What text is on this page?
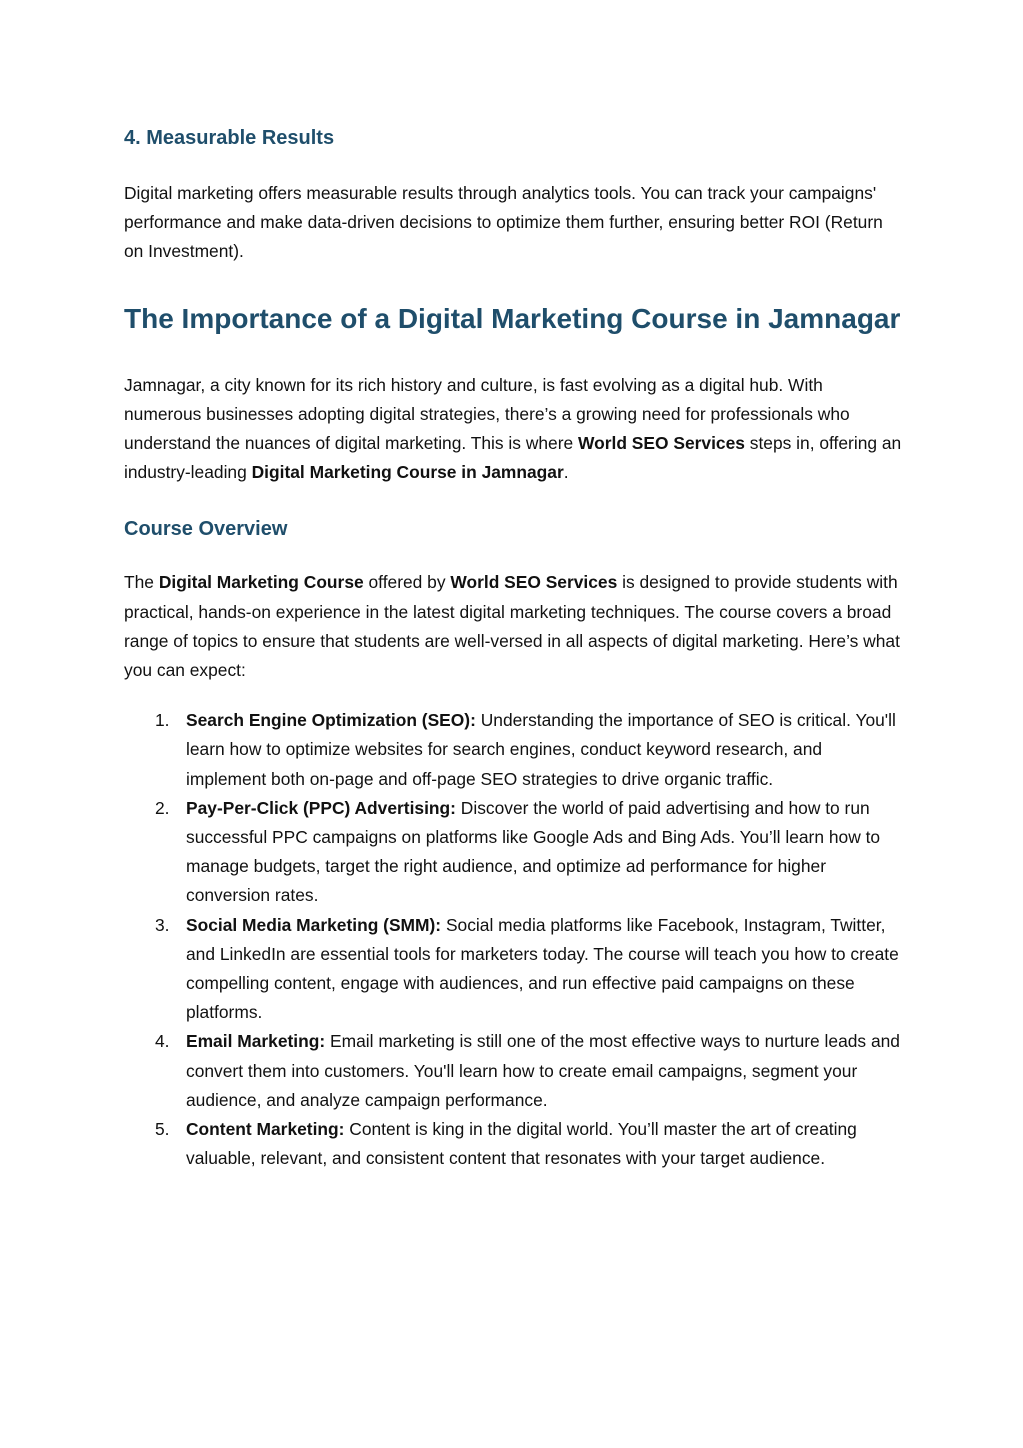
4. Measurable Results

Digital marketing offers measurable results through analytics tools. You can track your campaigns' performance and make data-driven decisions to optimize them further, ensuring better ROI (Return on Investment).

The Importance of a Digital Marketing Course in Jamnagar

Jamnagar, a city known for its rich history and culture, is fast evolving as a digital hub. With numerous businesses adopting digital strategies, there’s a growing need for professionals who understand the nuances of digital marketing. This is where World SEO Services steps in, offering an industry-leading Digital Marketing Course in Jamnagar.

Course Overview

The Digital Marketing Course offered by World SEO Services is designed to provide students with practical, hands-on experience in the latest digital marketing techniques. The course covers a broad range of topics to ensure that students are well-versed in all aspects of digital marketing. Here’s what you can expect:

1. Search Engine Optimization (SEO): Understanding the importance of SEO is critical. You'll learn how to optimize websites for search engines, conduct keyword research, and implement both on-page and off-page SEO strategies to drive organic traffic.
2. Pay-Per-Click (PPC) Advertising: Discover the world of paid advertising and how to run successful PPC campaigns on platforms like Google Ads and Bing Ads. You’ll learn how to manage budgets, target the right audience, and optimize ad performance for higher conversion rates.
3. Social Media Marketing (SMM): Social media platforms like Facebook, Instagram, Twitter, and LinkedIn are essential tools for marketers today. The course will teach you how to create compelling content, engage with audiences, and run effective paid campaigns on these platforms.
4. Email Marketing: Email marketing is still one of the most effective ways to nurture leads and convert them into customers. You'll learn how to create email campaigns, segment your audience, and analyze campaign performance.
5. Content Marketing: Content is king in the digital world. You’ll master the art of creating valuable, relevant, and consistent content that resonates with your target audience.
